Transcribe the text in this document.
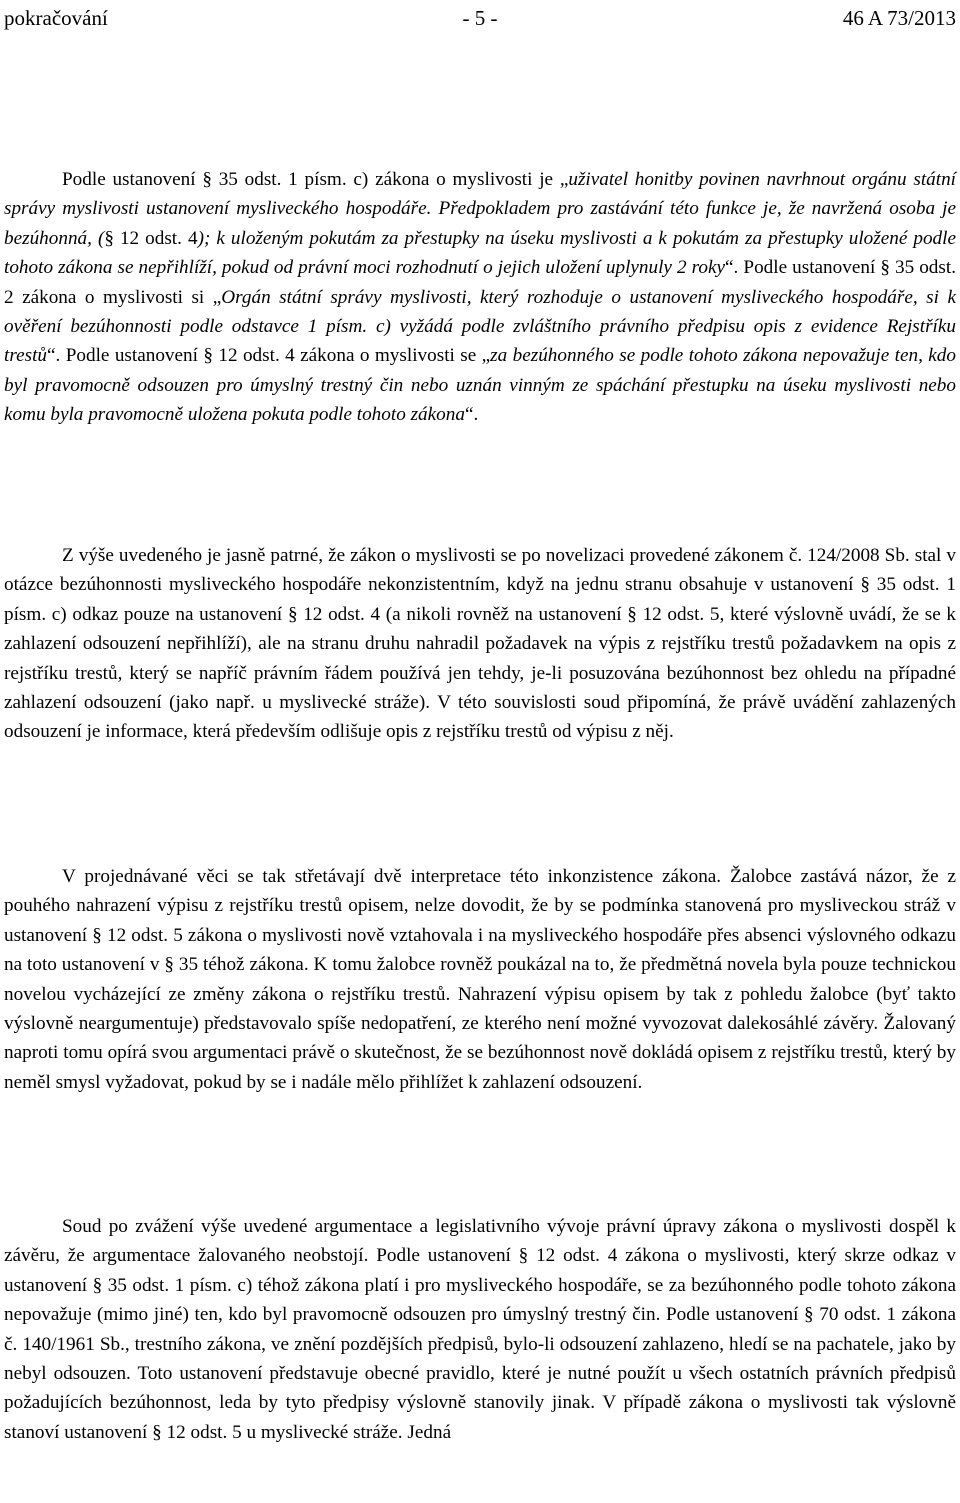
pokračování	- 5 -	46 A 73/2013

Podle ustanovení § 35 odst. 1 písm. c) zákona o myslivosti je „uživatel honitby povinen navrhnout orgánu státní správy myslivosti ustanovení mysliveckého hospodáře. Předpokladem pro zastávání této funkce je, že navržená osoba je bezúhonná, (§ 12 odst. 4); k uloženým pokutám za přestupky na úseku myslivosti a k pokutám za přestupky uložené podle tohoto zákona se nepřihlíží, pokud od právní moci rozhodnutí o jejich uložení uplynuly 2 roky“. Podle ustanovení § 35 odst. 2 zákona o myslivosti si „Orgán státní správy myslivosti, který rozhoduje o ustanovení mysliveckého hospodáře, si k ověření bezúhonnosti podle odstavce 1 písm. c) vyžádá podle zvláštního právního předpisu opis z evidence Rejstříku trestů“. Podle ustanovení § 12 odst. 4 zákona o myslivosti se „za bezúhonného se podle tohoto zákona nepovažuje ten, kdo byl pravomocně odsouzen pro úmyslný trestný čin nebo uznán vinným ze spáchání přestupku na úseku myslivosti nebo komu byla pravomocně uložena pokuta podle tohoto zákona“.

Z výše uvedeného je jasně patrné, že zákon o myslivosti se po novelizaci provedené zákonem č. 124/2008 Sb. stal v otázce bezúhonnosti mysliveckého hospodáře nekonzistentním, když na jednu stranu obsahuje v ustanovení § 35 odst. 1 písm. c) odkaz pouze na ustanovení § 12 odst. 4 (a nikoli rovněž na ustanovení § 12 odst. 5, které výslovně uvádí, že se k zahlazení odsouzení nepřihlíží), ale na stranu druhu nahradil požadavek na výpis z rejstříku trestů požadavkem na opis z rejstříku trestů, který se napříč právním řádem používá jen tehdy, je-li posuzována bezúhonnost bez ohledu na případné zahlazení odsouzení (jako např. u myslivecké stráže). V této souvislosti soud připomíná, že právě uvádění zahlazených odsouzení je informace, která především odlišuje opis z rejstříku trestů od výpisu z něj.

V projednávané věci se tak střetávají dvě interpretace této inkonzistence zákona. Žalobce zastává názor, že z pouhého nahrazení výpisu z rejstříku trestů opisem, nelze dovodit, že by se podmínka stanovená pro mysliveckou stráž v ustanovení § 12 odst. 5 zákona o myslivosti nově vztahovala i na mysliveckého hospodáře přes absenci výslovného odkazu na toto ustanovení v § 35 téhož zákona. K tomu žalobce rovněž poukázal na to, že předmětná novela byla pouze technickou novelou vycházející ze změny zákona o rejstříku trestů. Nahrazení výpisu opisem by tak z pohledu žalobce (byť takto výslovně neargumentuje) představovalo spíše nedopatření, ze kterého není možné vyvozovat dalekosáhlé závěry. Žalovaný naproti tomu opírá svou argumentaci právě o skutečnost, že se bezúhonnost nově dokládá opisem z rejstříku trestů, který by neměl smysl vyžadovat, pokud by se i nadále mělo přihlížet k zahlazení odsouzení.

Soud po zvážení výše uvedené argumentace a legislativního vývoje právní úpravy zákona o myslivosti dospěl k závěru, že argumentace žalovaného neobstojí. Podle ustanovení § 12 odst. 4 zákona o myslivosti, který skrze odkaz v ustanovení § 35 odst. 1 písm. c) téhož zákona platí i pro mysliveckého hospodáře, se za bezúhonného podle tohoto zákona nepovažuje (mimo jiné) ten, kdo byl pravomocně odsouzen pro úmyslný trestný čin. Podle ustanovení § 70 odst. 1 zákona č. 140/1961 Sb., trestního zákona, ve znění pozdějších předpisů, bylo-li odsouzení zahlazeno, hledí se na pachatele, jako by nebyl odsouzen. Toto ustanovení představuje obecné pravidlo, které je nutné použít u všech ostatních právních předpisů požadujících bezúhonnost, leda by tyto předpisy výslovně stanovily jinak. V případě zákona o myslivosti tak výslovně stanoví ustanovení § 12 odst. 5 u myslivecké stráže. Jedná
